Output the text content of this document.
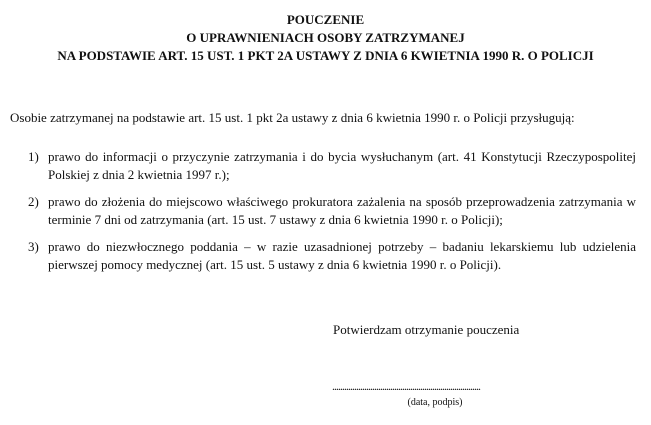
POUCZENIE
O UPRAWNIENIACH OSOBY ZATRZYMANEJ
NA PODSTAWIE ART. 15 UST. 1 PKT 2A USTAWY Z DNIA 6 KWIETNIA 1990 R. O POLICJI
Osobie zatrzymanej na podstawie art. 15 ust. 1 pkt 2a ustawy z dnia 6 kwietnia 1990 r. o Policji przysługują:
1) prawo do informacji o przyczynie zatrzymania i do bycia wysłuchanym (art. 41 Konstytucji Rzeczypospolitej Polskiej z dnia 2 kwietnia 1997 r.);
2) prawo do złożenia do miejscowo właściwego prokuratora zażalenia na sposób przeprowadzenia zatrzymania w terminie 7 dni od zatrzymania (art. 15 ust. 7 ustawy z dnia 6 kwietnia 1990 r. o Policji);
3) prawo do niezwłocznego poddania – w razie uzasadnionej potrzeby – badaniu lekarskiemu lub udzielenia pierwszej pomocy medycznej (art. 15 ust. 5 ustawy z dnia 6 kwietnia 1990 r. o Policji).
Potwierdzam otrzymanie pouczenia
..........................................................................
(data, podpis)
